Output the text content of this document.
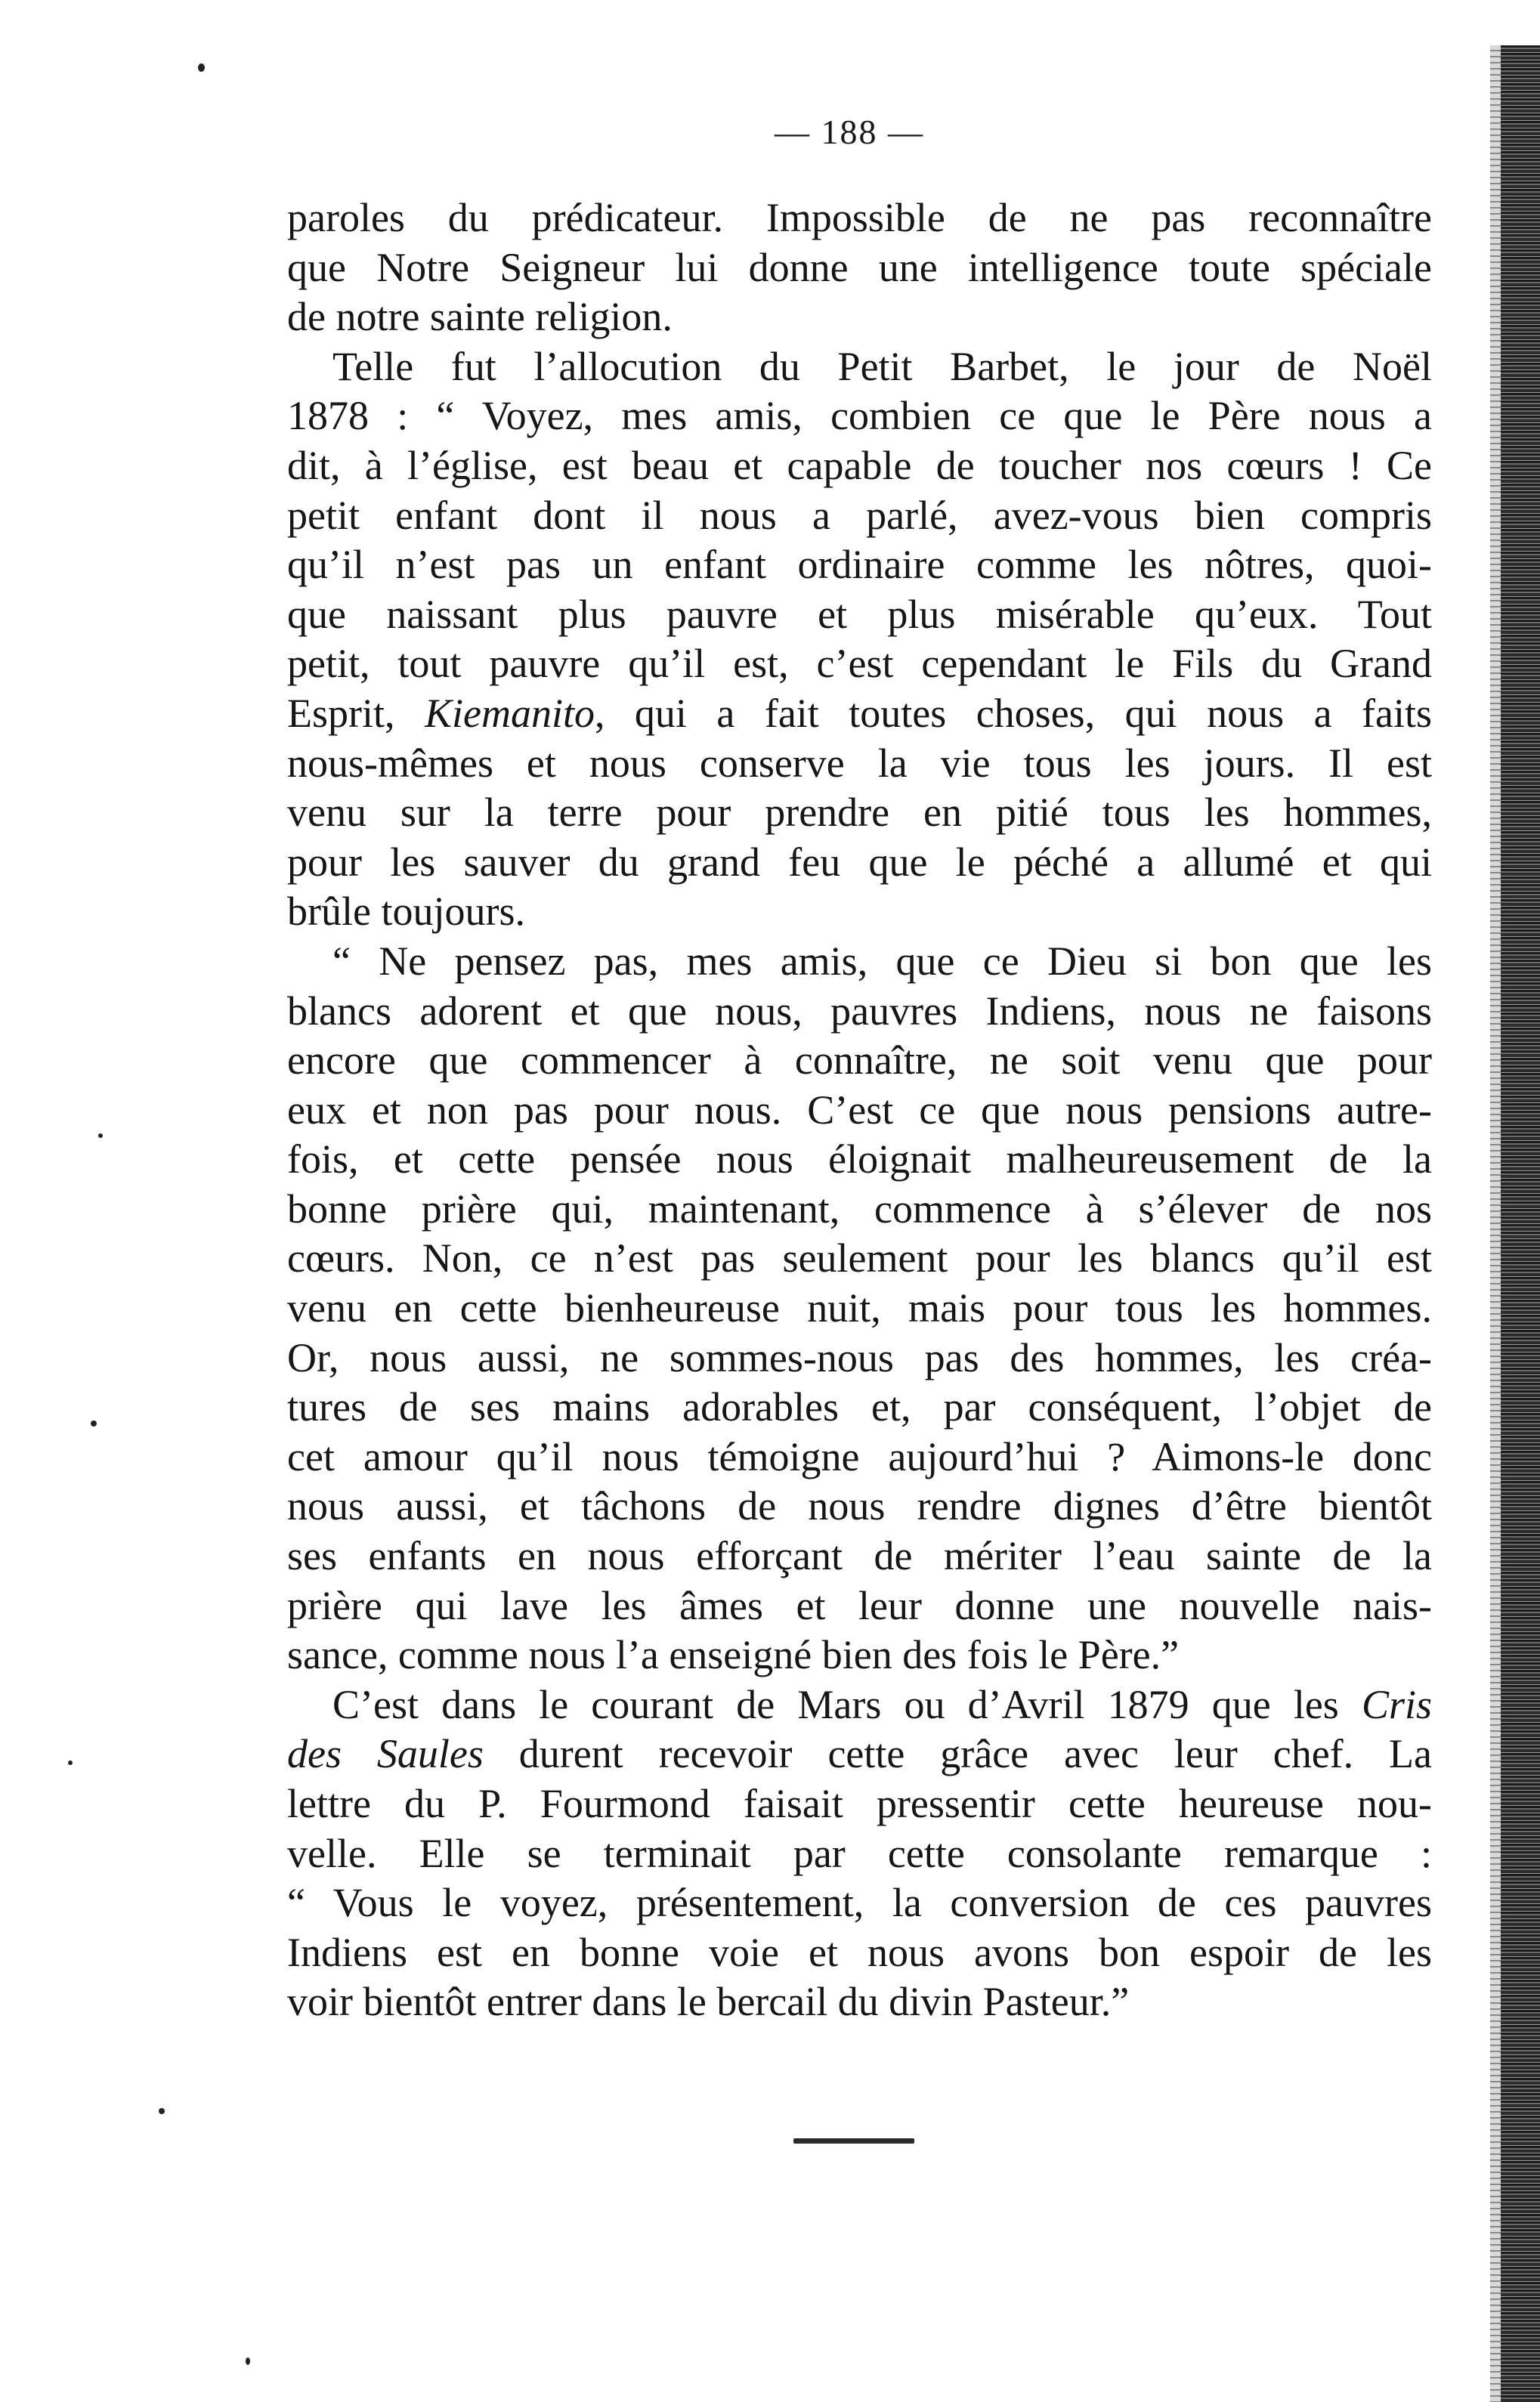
— 188 —
paroles du prédicateur. Impossible de ne pas reconnaître
que Notre Seigneur lui donne une intelligence toute spéciale
de notre sainte religion.
Telle fut l’allocution du Petit Barbet, le jour de Noël
1878 : “ Voyez, mes amis, combien ce que le Père nous a
dit, à l’église, est beau et capable de toucher nos cœurs ! Ce
petit enfant dont il nous a parlé, avez-vous bien compris
qu’il n’est pas un enfant ordinaire comme les nôtres, quoi-
que naissant plus pauvre et plus misérable qu’eux. Tout
petit, tout pauvre qu’il est, c’est cependant le Fils du Grand
Esprit, Kiemanito, qui a fait toutes choses, qui nous a faits
nous-mêmes et nous conserve la vie tous les jours. Il est
venu sur la terre pour prendre en pitié tous les hommes,
pour les sauver du grand feu que le péché a allumé et qui
brûle toujours.
“ Ne pensez pas, mes amis, que ce Dieu si bon que les
blancs adorent et que nous, pauvres Indiens, nous ne faisons
encore que commencer à connaître, ne soit venu que pour
eux et non pas pour nous. C’est ce que nous pensions autre-
fois, et cette pensée nous éloignait malheureusement de la
bonne prière qui, maintenant, commence à s’élever de nos
cœurs. Non, ce n’est pas seulement pour les blancs qu’il est
venu en cette bienheureuse nuit, mais pour tous les hommes.
Or, nous aussi, ne sommes-nous pas des hommes, les créa-
tures de ses mains adorables et, par conséquent, l’objet de
cet amour qu’il nous témoigne aujourd’hui ? Aimons-le donc
nous aussi, et tâchons de nous rendre dignes d’être bientôt
ses enfants en nous efforçant de mériter l’eau sainte de la
prière qui lave les âmes et leur donne une nouvelle nais-
sance, comme nous l’a enseigné bien des fois le Père.”
C’est dans le courant de Mars ou d’Avril 1879 que les Cris
des Saules durent recevoir cette grâce avec leur chef. La
lettre du P. Fourmond faisait pressentir cette heureuse nou-
velle. Elle se terminait par cette consolante remarque :
“ Vous le voyez, présentement, la conversion de ces pauvres
Indiens est en bonne voie et nous avons bon espoir de les
voir bientôt entrer dans le bercail du divin Pasteur.”
